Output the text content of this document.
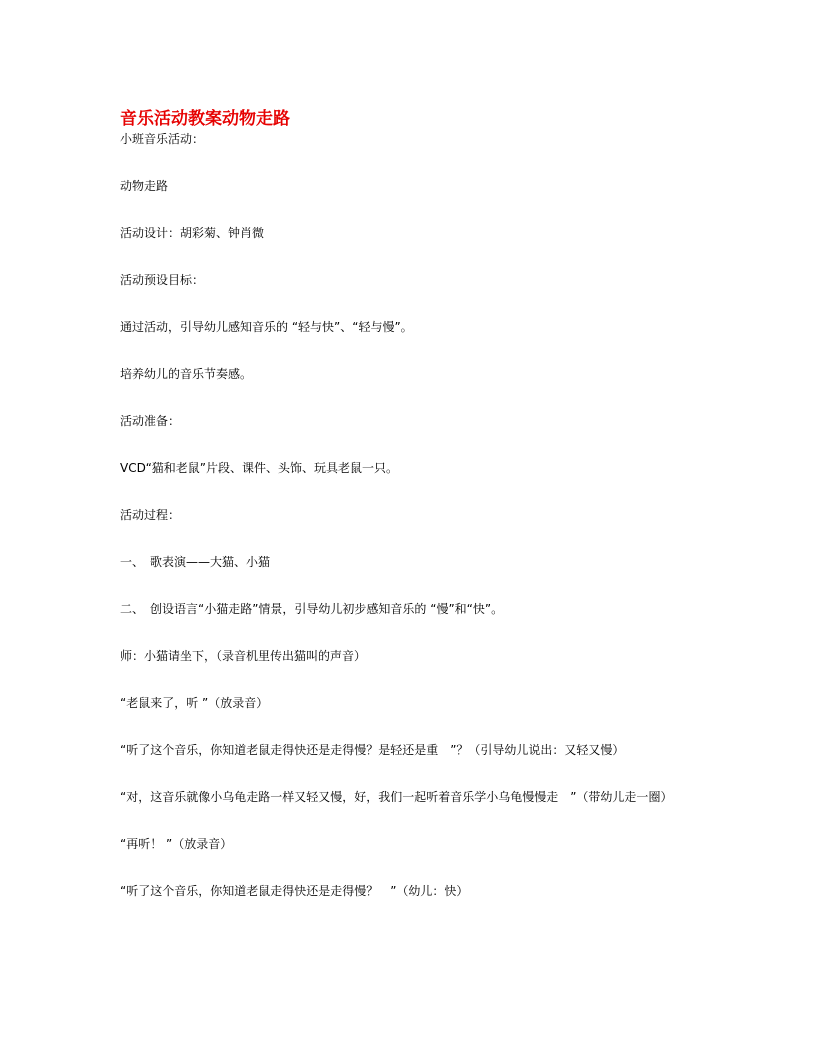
音乐活动教案动物走路
小班音乐活动：
动物走路
活动设计：胡彩菊、钟肖微
活动预设目标：
通过活动，引导幼儿感知音乐的 “轻与快”、“轻与慢”。
培养幼儿的音乐节奏感。
活动准备：
VCD“猫和老鼠”片段、课件、头饰、玩具老鼠一只。
活动过程：
一、　歌表演——大猫、小猫
二、　创设语言“小猫走路”情景，引导幼儿初步感知音乐的 “慢”和“快”。
师：小猫请坐下，（录音机里传出猫叫的声音）
“老鼠来了，听 ”（放录音）
“听了这个音乐，你知道老鼠走得快还是走得慢？是轻还是重　”？（引导幼儿说出：又轻又慢）
“对，这音乐就像小乌龟走路一样又轻又慢，好，我们一起听着音乐学小乌龟慢慢走　”（带幼儿走一圈）
“再听！ ”（放录音）
“听了这个音乐，你知道老鼠走得快还是走得慢？　”（幼儿：快）
